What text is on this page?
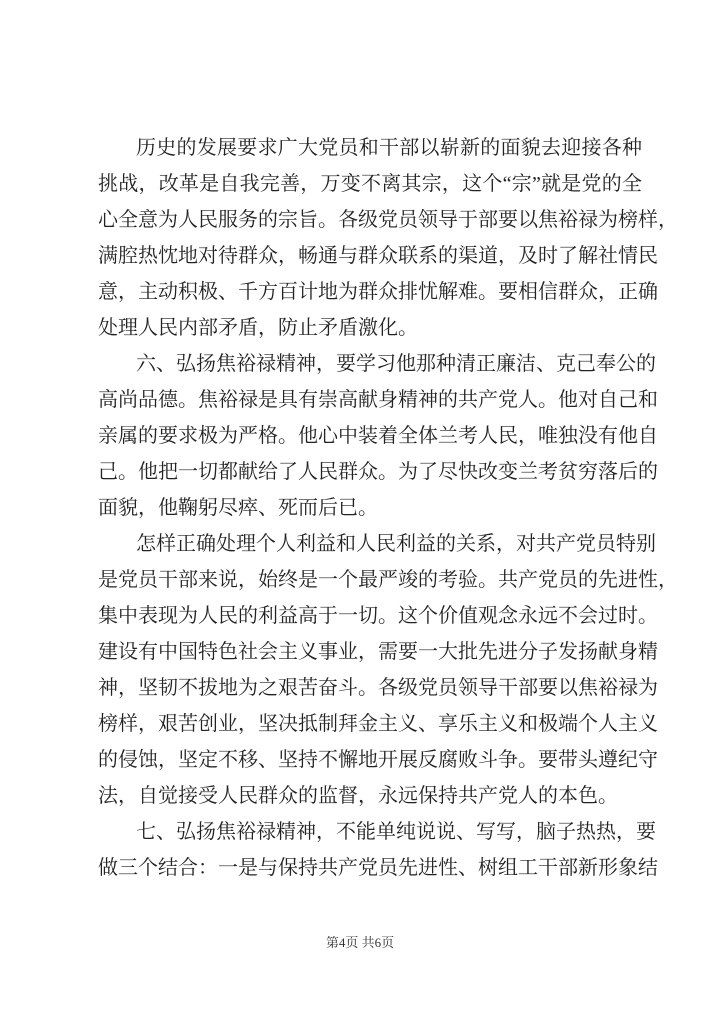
历史的发展要求广大党员和干部以崭新的面貌去迎接各种
挑战，改革是自我完善，万变不离其宗，这个“宗”就是党的全
心全意为人民服务的宗旨。各级党员领导于部要以焦裕禄为榜样，
满腔热忱地对待群众，畅通与群众联系的渠道，及时了解社情民
意，主动积极、千方百计地为群众排忧解难。要相信群众，正确
处理人民内部矛盾，防止矛盾激化。
六、弘扬焦裕禄精神，要学习他那种清正廉洁、克己奉公的
高尚品德。焦裕禄是具有崇高献身精神的共产党人。他对自己和
亲属的要求极为严格。他心中装着全体兰考人民，唯独没有他自
己。他把一切都献给了人民群众。为了尽快改变兰考贫穷落后的
面貌，他鞠躬尽瘁、死而后已。
怎样正确处理个人利益和人民利益的关系，对共产党员特别
是党员干部来说，始终是一个最严竣的考验。共产党员的先进性，
集中表现为人民的利益高于一切。这个价值观念永远不会过时。
建设有中国特色社会主义事业，需要一大批先进分子发扬献身精
神，坚韧不拔地为之艰苦奋斗。各级党员领导干部要以焦裕禄为
榜样，艰苦创业，坚决抵制拜金主义、享乐主义和极端个人主义
的侵蚀，坚定不移、坚持不懈地开展反腐败斗争。要带头遵纪守
法，自觉接受人民群众的监督，永远保持共产党人的本色。
七、弘扬焦裕禄精神，不能单纯说说、写写，脑子热热，要
做三个结合：一是与保持共产党员先进性、树组工干部新形象结
第4页 共6页
